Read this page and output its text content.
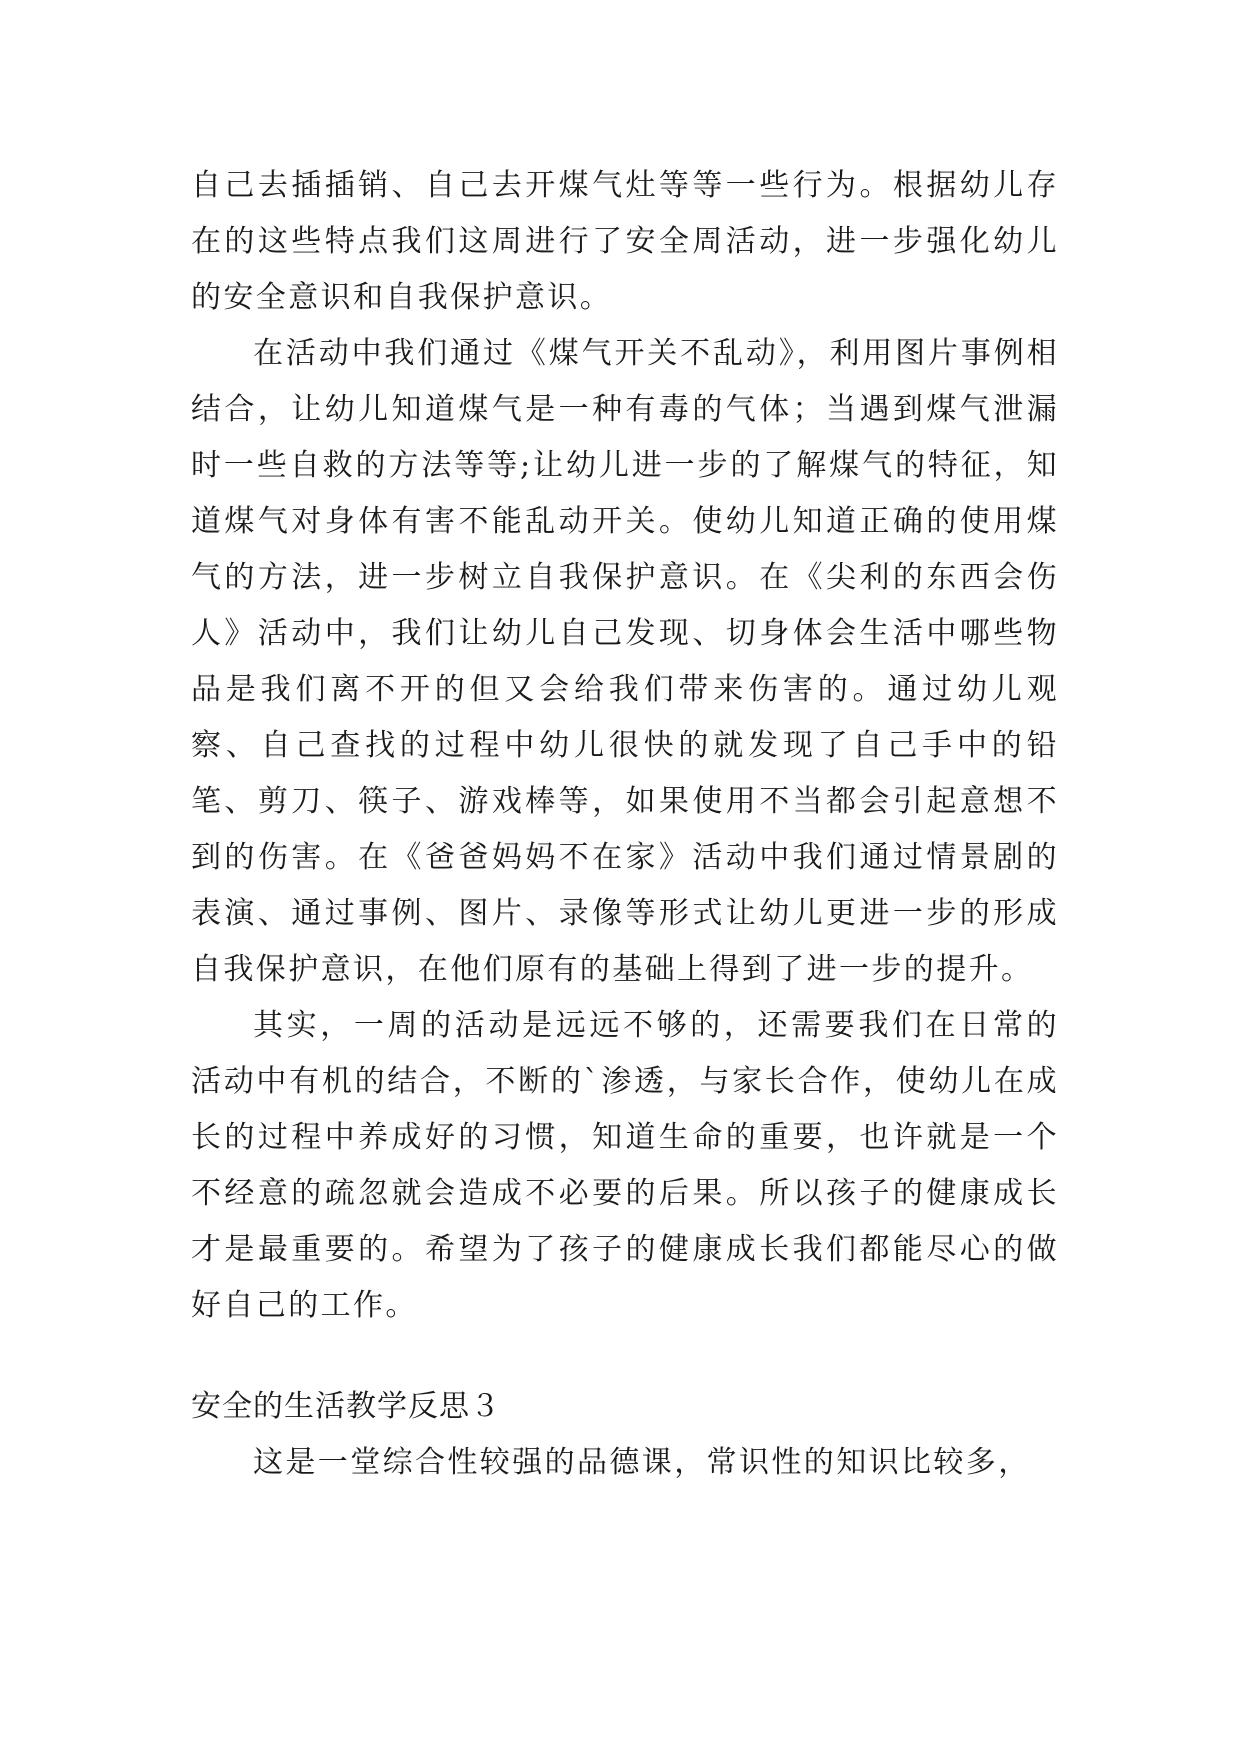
自己去插插销、自己去开煤气灶等等一些行为。根据幼儿存在的这些特点我们这周进行了安全周活动，进一步强化幼儿的安全意识和自我保护意识。

在活动中我们通过《煤气开关不乱动》，利用图片事例相结合，让幼儿知道煤气是一种有毒的气体；当遇到煤气泄漏时一些自救的方法等等;让幼儿进一步的了解煤气的特征，知道煤气对身体有害不能乱动开关。使幼儿知道正确的使用煤气的方法，进一步树立自我保护意识。在《尖利的东西会伤人》活动中，我们让幼儿自己发现、切身体会生活中哪些物品是我们离不开的但又会给我们带来伤害的。通过幼儿观察、自己查找的过程中幼儿很快的就发现了自己手中的铅笔、剪刀、筷子、游戏棒等，如果使用不当都会引起意想不到的伤害。在《爸爸妈妈不在家》活动中我们通过情景剧的表演、通过事例、图片、录像等形式让幼儿更进一步的形成自我保护意识，在他们原有的基础上得到了进一步的提升。

其实，一周的活动是远远不够的，还需要我们在日常的活动中有机的结合，不断的`渗透，与家长合作，使幼儿在成长的过程中养成好的习惯，知道生命的重要，也许就是一个不经意的疏忽就会造成不必要的后果。所以孩子的健康成长才是最重要的。希望为了孩子的健康成长我们都能尽心的做好自己的工作。

安全的生活教学反思３

这是一堂综合性较强的品德课，常识性的知识比较多，
